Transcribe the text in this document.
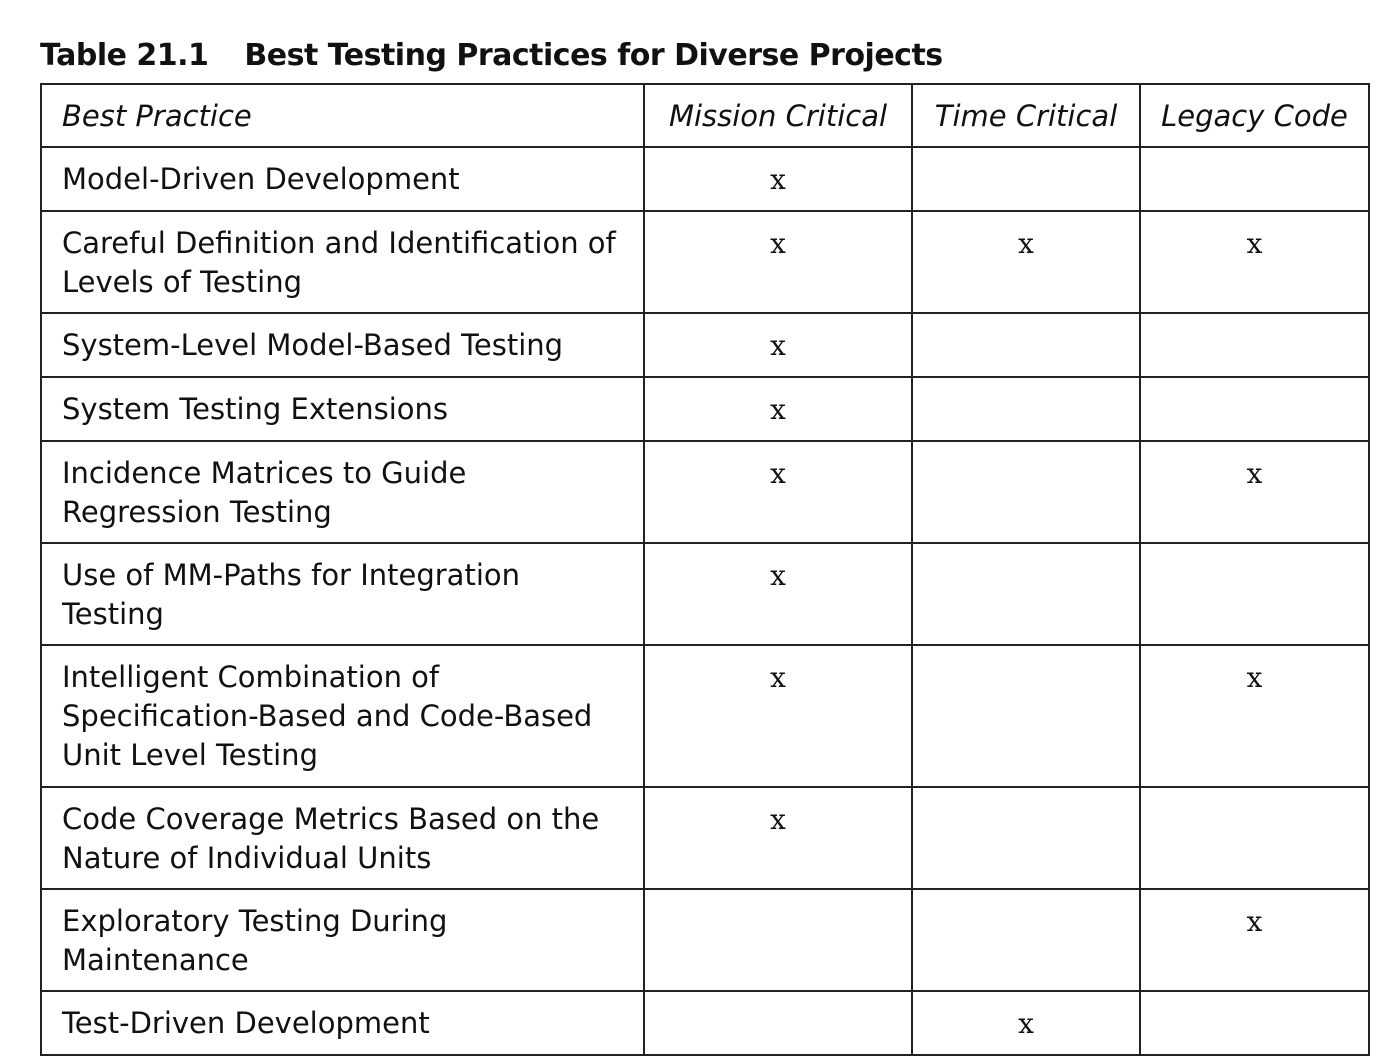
Table 21.1 Best Testing Practices for Diverse Projects
Best Practice	Mission Critical	Time Critical	Legacy Code
Model-Driven Development	x		
Careful Definition and Identification of Levels of Testing	x	x	x
System-Level Model-Based Testing	x		
System Testing Extensions	x		
Incidence Matrices to Guide Regression Testing	x		x
Use of MM-Paths for Integration Testing	x		
Intelligent Combination of Specification-Based and Code-Based Unit Level Testing	x		x
Code Coverage Metrics Based on the Nature of Individual Units	x		
Exploratory Testing During Maintenance			x
Test-Driven Development		x	
